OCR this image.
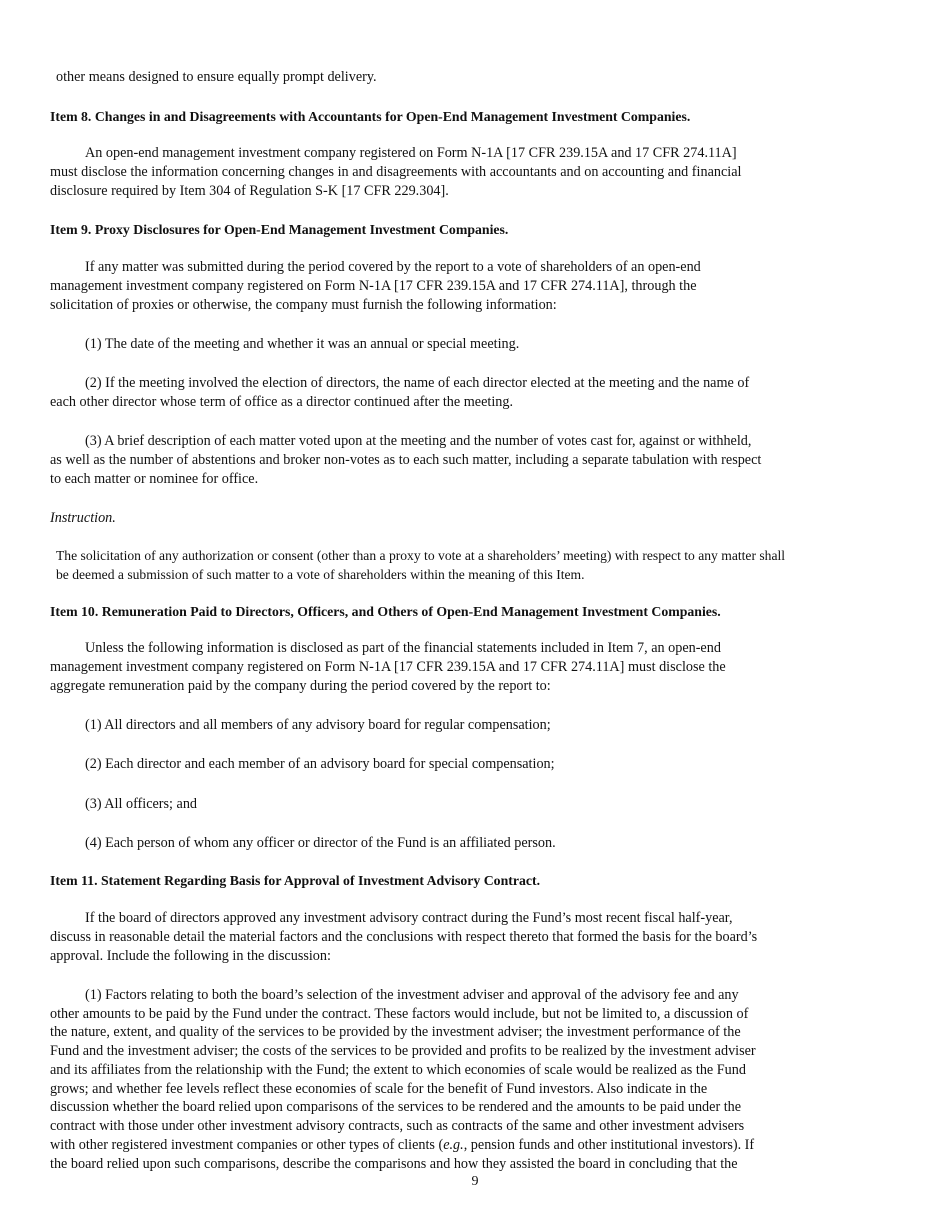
other means designed to ensure equally prompt delivery.
Item 8. Changes in and Disagreements with Accountants for Open-End Management Investment Companies.
An open-end management investment company registered on Form N-1A [17 CFR 239.15A and 17 CFR 274.11A]
must disclose the information concerning changes in and disagreements with accountants and on accounting and financial
disclosure required by Item 304 of Regulation S-K [17 CFR 229.304].
Item 9. Proxy Disclosures for Open-End Management Investment Companies.
If any matter was submitted during the period covered by the report to a vote of shareholders of an open-end
management investment company registered on Form N-1A [17 CFR 239.15A and 17 CFR 274.11A], through the
solicitation of proxies or otherwise, the company must furnish the following information:
(1) The date of the meeting and whether it was an annual or special meeting.
(2) If the meeting involved the election of directors, the name of each director elected at the meeting and the name of
each other director whose term of office as a director continued after the meeting.
(3) A brief description of each matter voted upon at the meeting and the number of votes cast for, against or withheld,
as well as the number of abstentions and broker non-votes as to each such matter, including a separate tabulation with respect
to each matter or nominee for office.
Instruction.
The solicitation of any authorization or consent (other than a proxy to vote at a shareholders’ meeting) with respect to any matter shall
be deemed a submission of such matter to a vote of shareholders within the meaning of this Item.
Item 10. Remuneration Paid to Directors, Officers, and Others of Open-End Management Investment Companies.
Unless the following information is disclosed as part of the financial statements included in Item 7, an open-end
management investment company registered on Form N-1A [17 CFR 239.15A and 17 CFR 274.11A] must disclose the
aggregate remuneration paid by the company during the period covered by the report to:
(1) All directors and all members of any advisory board for regular compensation;
(2) Each director and each member of an advisory board for special compensation;
(3) All officers; and
(4) Each person of whom any officer or director of the Fund is an affiliated person.
Item 11. Statement Regarding Basis for Approval of Investment Advisory Contract.
If the board of directors approved any investment advisory contract during the Fund’s most recent fiscal half-year,
discuss in reasonable detail the material factors and the conclusions with respect thereto that formed the basis for the board’s
approval. Include the following in the discussion:
(1) Factors relating to both the board’s selection of the investment adviser and approval of the advisory fee and any
other amounts to be paid by the Fund under the contract. These factors would include, but not be limited to, a discussion of
the nature, extent, and quality of the services to be provided by the investment adviser; the investment performance of the
Fund and the investment adviser; the costs of the services to be provided and profits to be realized by the investment adviser
and its affiliates from the relationship with the Fund; the extent to which economies of scale would be realized as the Fund
grows; and whether fee levels reflect these economies of scale for the benefit of Fund investors. Also indicate in the
discussion whether the board relied upon comparisons of the services to be rendered and the amounts to be paid under the
contract with those under other investment advisory contracts, such as contracts of the same and other investment advisers
with other registered investment companies or other types of clients (e.g., pension funds and other institutional investors). If
the board relied upon such comparisons, describe the comparisons and how they assisted the board in concluding that the
9
